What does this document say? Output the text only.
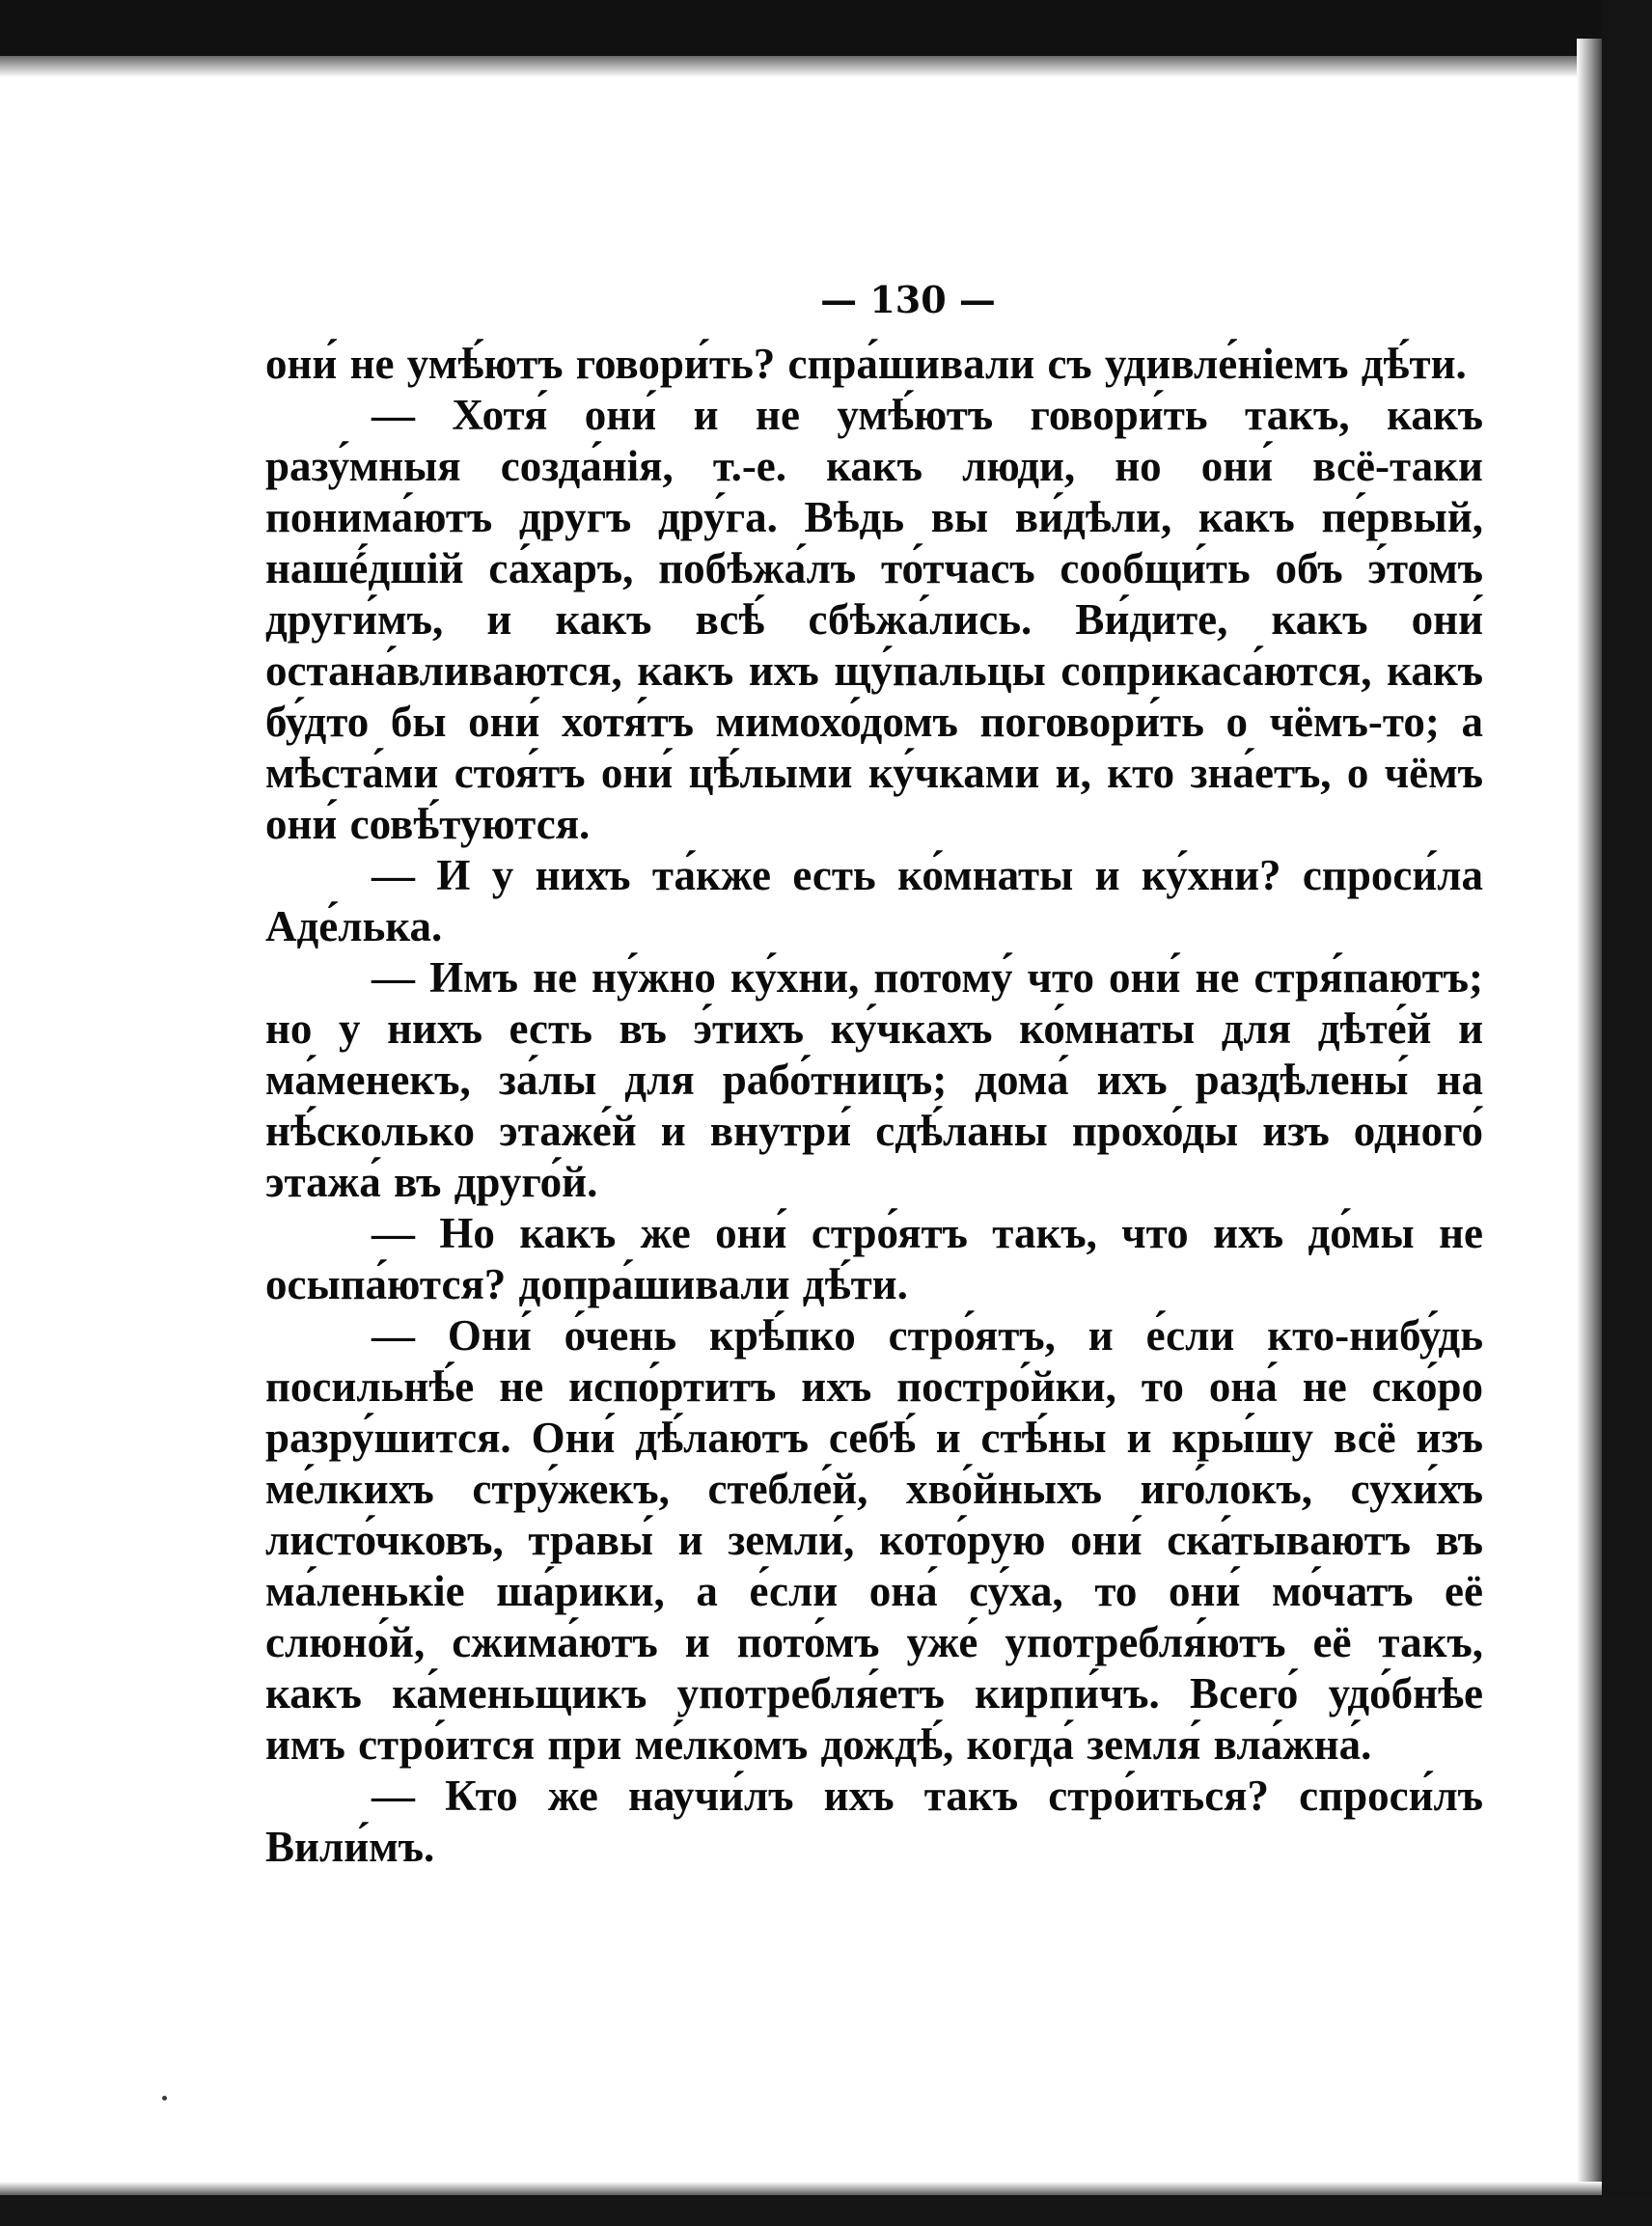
— 130 —

они́ не умѣ́ютъ говори́ть? спра́шивали съ удивле́ніемъ дѣ́ти.

— Хотя́ они́ и не умѣ́ютъ говори́ть такъ, какъ разу́мныя созда́нія, т.-е. какъ люди, но они́ всё-таки понима́ютъ другъ дру́га. Вѣдь вы ви́дѣли, какъ пе́рвый, нашé́дшій са́харъ, побѣжа́лъ то́тчасъ сообщи́ть объ э́томъ други́мъ, и какъ всѣ́ сбѣжа́лись. Ви́дите, какъ они́ остана́вливаются, какъ ихъ щу́пальцы соприкаса́ются, какъ бу́дто бы они́ хотя́тъ мимохо́домъ поговори́ть о чёмъ-то; а мѣста́ми стоя́тъ они́ цѣ́лыми ку́чками и, кто зна́етъ, о чёмъ они́ совѣ́туются.

— И у нихъ та́кже есть ко́мнаты и ку́хни? спроси́ла Аде́лька.

— Имъ не ну́жно ку́хни, потому́ что они́ не стря́паютъ; но у нихъ есть въ э́тихъ ку́чкахъ ко́мнаты для дѣте́й и ма́менекъ, за́лы для рабо́тницъ; дома́ ихъ раздѣлены́ на нѣ́сколько этаже́й и внутри́ сдѣ́ланы прохо́ды изъ одного́ этажа́ въ друго́й.

— Но какъ же они́ стро́ятъ такъ, что ихъ до́мы не осыпа́ются? допра́шивали дѣ́ти.

— Они́ о́чень крѣ́пко стро́ятъ, и е́сли кто-нибу́дь посильнѣ́е не испо́ртитъ ихъ постро́йки, то она́ не ско́ро разру́шится. Они́ дѣ́лаютъ себѣ́ и стѣ́ны и кры́шу всё изъ ме́лкихъ стру́жекъ, стебле́й, хво́йныхъ иго́локъ, сухи́хъ листо́чковъ, травы́ и земли́, кото́рую они́ ска́тываютъ въ ма́ленькіе ша́рики, а е́сли она́ су́ха, то они́ мо́чатъ её слюно́й, сжима́ютъ и пото́мъ уже́ употребля́ютъ её такъ, какъ ка́меньщикъ употребля́етъ кирпи́чъ. Всего́ удо́бнѣе имъ стро́ится при ме́лкомъ дождѣ́, когда́ земля́ вла́жна́.

— Кто же научи́лъ ихъ такъ стро́иться? спроси́лъ Вили́мъ.
